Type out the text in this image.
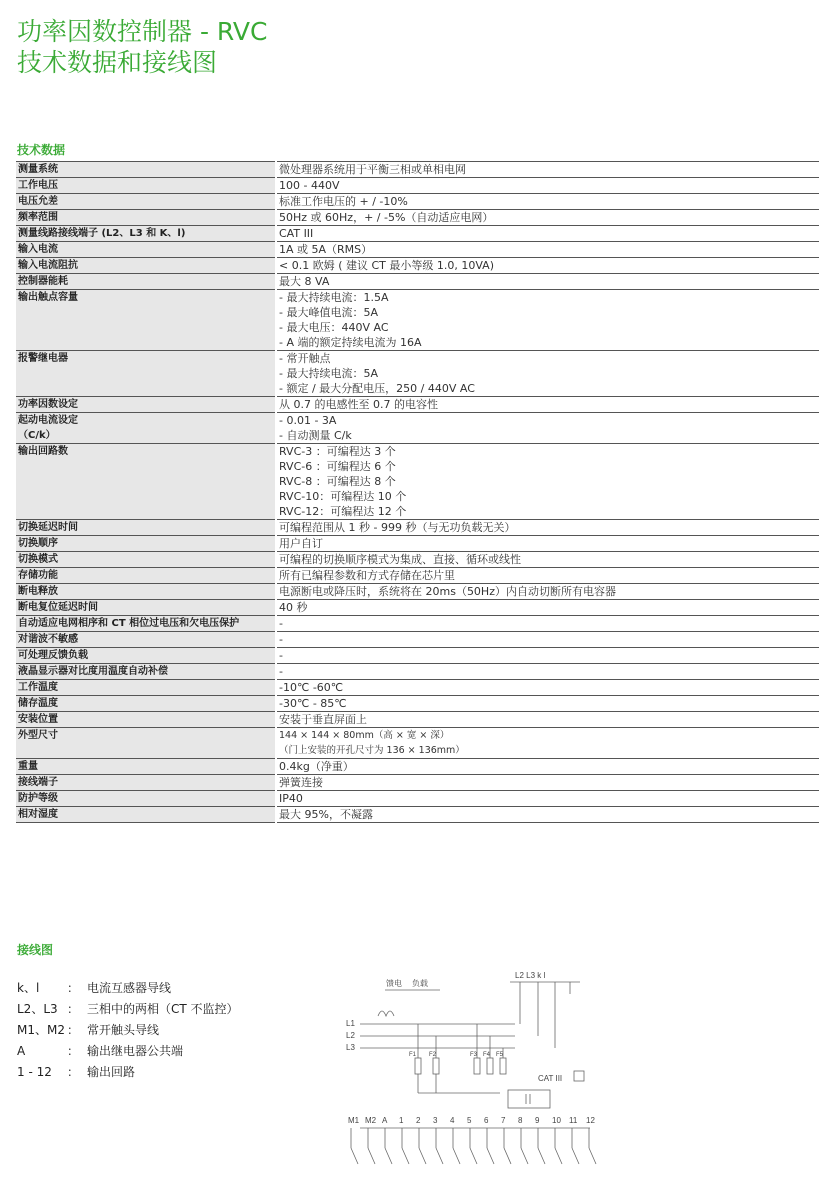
功率因数控制器 - RVC
技术数据和接线图
技术数据
测量系统	微处理器系统用于平衡三相或单相电网

工作电压	100 - 440V

电压允差	标准工作电压的 + / -10%

频率范围	50Hz 或 60Hz，+ / -5%（自动适应电网）

测量线路接线端子 (L2、L3 和 K、l)	CAT III

输入电流	1A 或 5A（RMS）

输入电流阻抗	< 0.1 欧姆 ( 建议 CT 最小等级 1.0, 10VA)

控制器能耗	最大 8 VA

输出触点容量	- 最大持续电流：1.5A
- 最大峰值电流：5A
- 最大电压：440V AC
- A 端的额定持续电流为 16A

报警继电器	- 常开触点
- 最大持续电流：5A
- 额定 / 最大分配电压，250 / 440V AC

功率因数设定	从 0.7 的电感性至 0.7 的电容性

起动电流设定
（C/k）	- 0.01 - 3A
- 自动测量 C/k

输出回路数	RVC-3 ：可编程达 3 个
RVC-6 ：可编程达 6 个
RVC-8 ：可编程达 8 个
RVC-10：可编程达 10 个
RVC-12：可编程达 12 个

切换延迟时间	可编程范围从 1 秒 - 999 秒（与无功负载无关）

切换顺序	用户自订

切换模式	可编程的切换顺序模式为集成、直接、循环或线性

存储功能	所有已编程参数和方式存储在芯片里

断电释放	电源断电或降压时，系统将在 20ms（50Hz）内自动切断所有电容器

断电复位延迟时间	40 秒

自动适应电网相序和 CT 相位过电压和欠电压保护	-

对谐波不敏感	-

可处理反馈负载	-

液晶显示器对比度用温度自动补偿	-

工作温度	-10℃ -60℃

储存温度	-30℃ - 85℃

安装位置	安装于垂直屏面上

外型尺寸	144 × 144 × 80mm（高 × 宽 × 深）
（门上安装的开孔尺寸为 136 × 136mm）

重量	0.4kg（净重）

接线端子	弹簧连接

防护等级	IP40

相对湿度	最大 95%，不凝露
接线图
k、l	： 电流互感器导线
L2、L3 ： 三相中的两相（CT 不监控）
M1、M2 ： 常开触头导线
A	： 输出继电器公共端
1 - 12	： 输出回路
L2 L3 k l
馈电 负载
L1
L2
L3
F1 F2	F3 F4 F5
CAT III
M1 M2 A 1 2 3 4 5 6 7 8 9 10 11 12
